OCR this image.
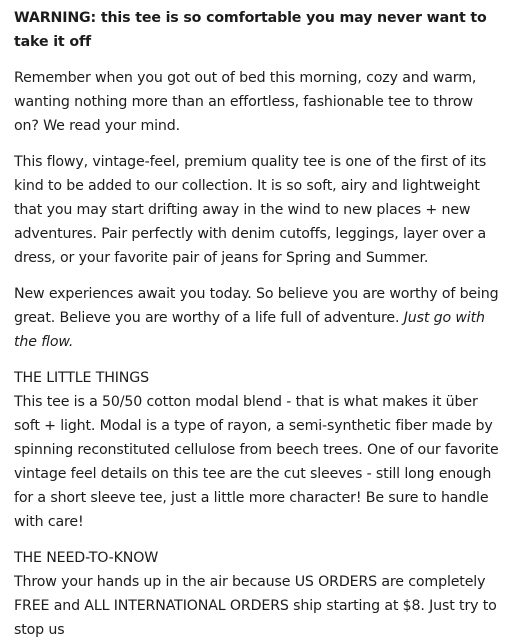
WARNING: this tee is so comfortable you may never want to take it off

Remember when you got out of bed this morning, cozy and warm, wanting nothing more than an effortless, fashionable tee to throw on? We read your mind.

This flowy, vintage-feel, premium quality tee is one of the first of its kind to be added to our collection. It is so soft, airy and lightweight that you may start drifting away in the wind to new places + new adventures. Pair perfectly with denim cutoffs, leggings, layer over a dress, or your favorite pair of jeans for Spring and Summer.

New experiences await you today. So believe you are worthy of being great. Believe you are worthy of a life full of adventure. Just go with the flow.

THE LITTLE THINGS
This tee is a 50/50 cotton modal blend - that is what makes it über soft + light. Modal is a type of rayon, a semi-synthetic fiber made by spinning reconstituted cellulose from beech trees. One of our favorite vintage feel details on this tee are the cut sleeves - still long enough for a short sleeve tee, just a little more character! Be sure to handle with care!
THE NEED-TO-KNOW
Throw your hands up in the air because US ORDERS are completely FREE and ALL INTERNATIONAL ORDERS ship starting at $8. Just try to stop us
